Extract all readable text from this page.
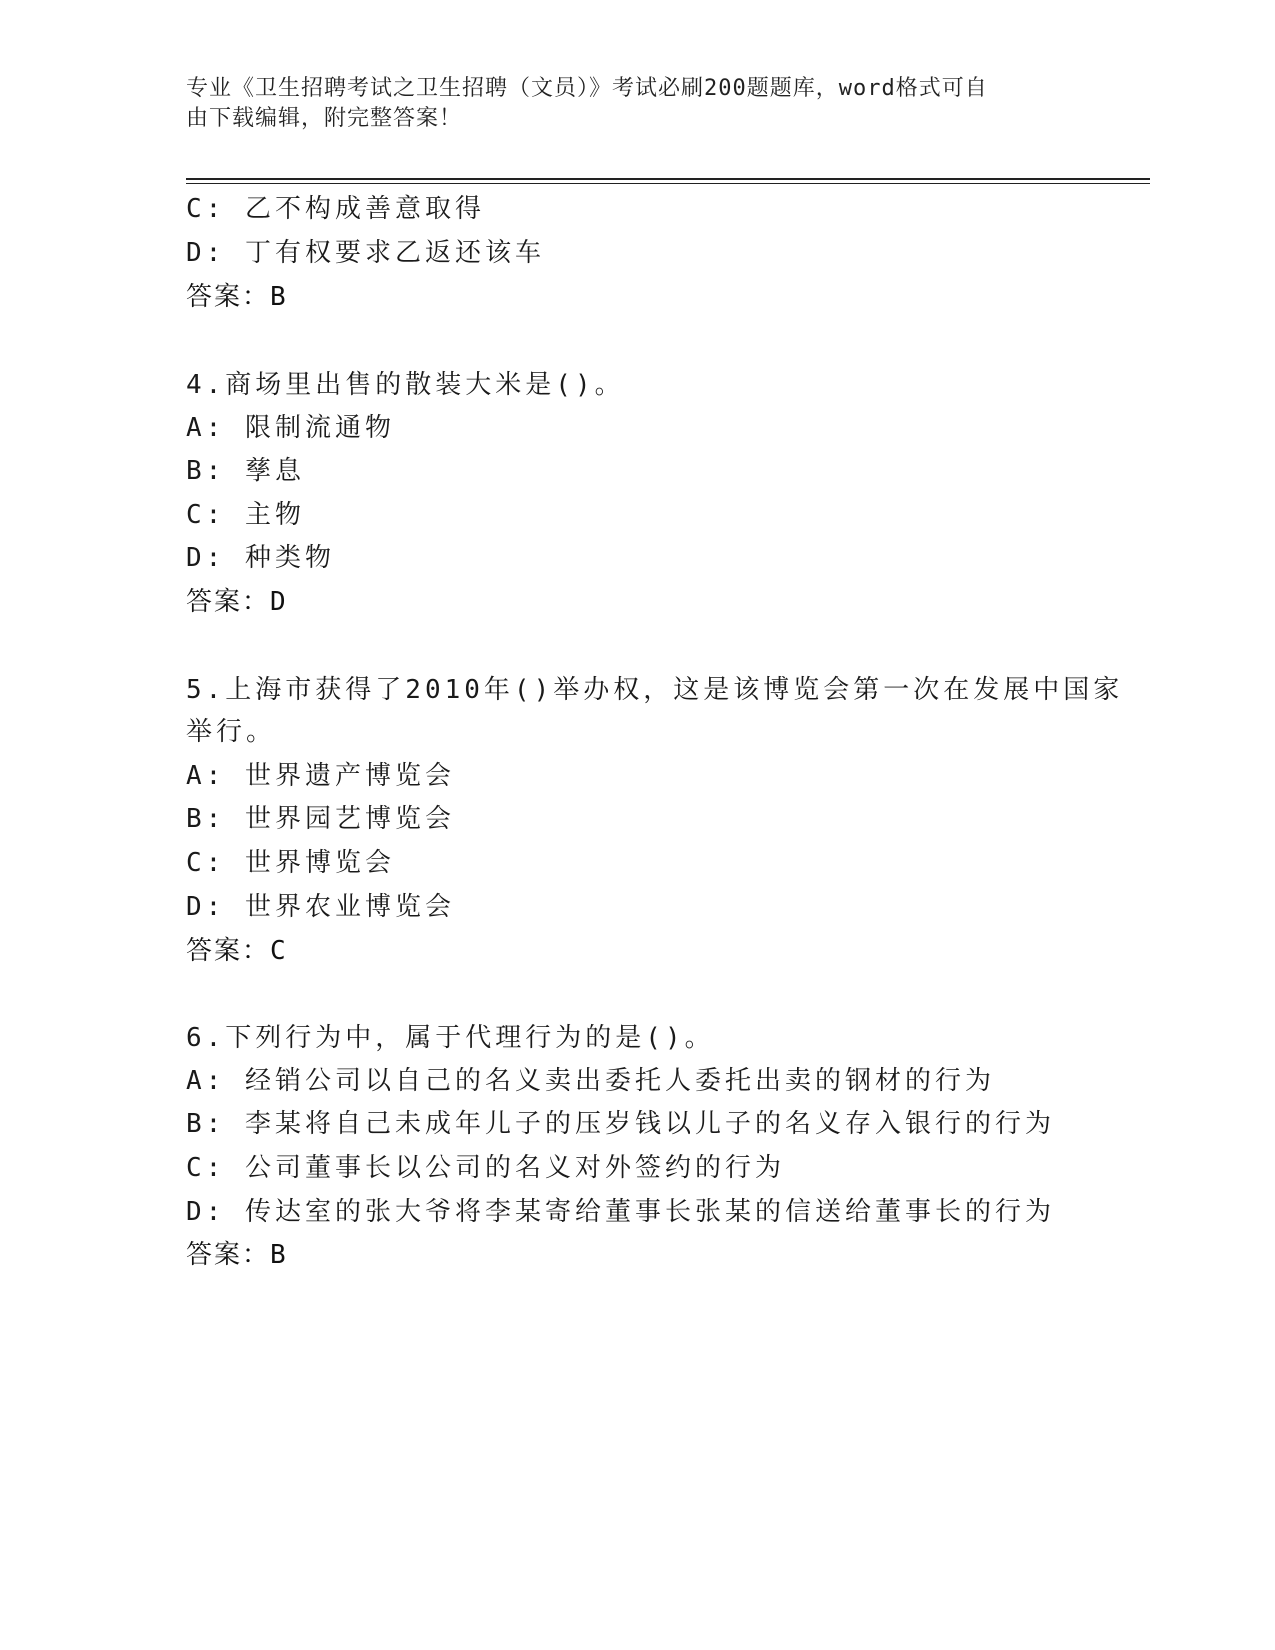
专业《卫生招聘考试之卫生招聘（文员）》考试必刷200题题库，word格式可自
由下载编辑，附完整答案！
C: 乙不构成善意取得
D: 丁有权要求乙返还该车
答案：B
4.商场里出售的散装大米是()。
A: 限制流通物
B: 孳息
C: 主物
D: 种类物
答案：D
5.上海市获得了2010年()举办权，这是该博览会第一次在发展中国家
举行。
A: 世界遗产博览会
B: 世界园艺博览会
C: 世界博览会
D: 世界农业博览会
答案：C
6.下列行为中，属于代理行为的是()。
A: 经销公司以自己的名义卖出委托人委托出卖的钢材的行为
B: 李某将自己未成年儿子的压岁钱以儿子的名义存入银行的行为
C: 公司董事长以公司的名义对外签约的行为
D: 传达室的张大爷将李某寄给董事长张某的信送给董事长的行为
答案：B
